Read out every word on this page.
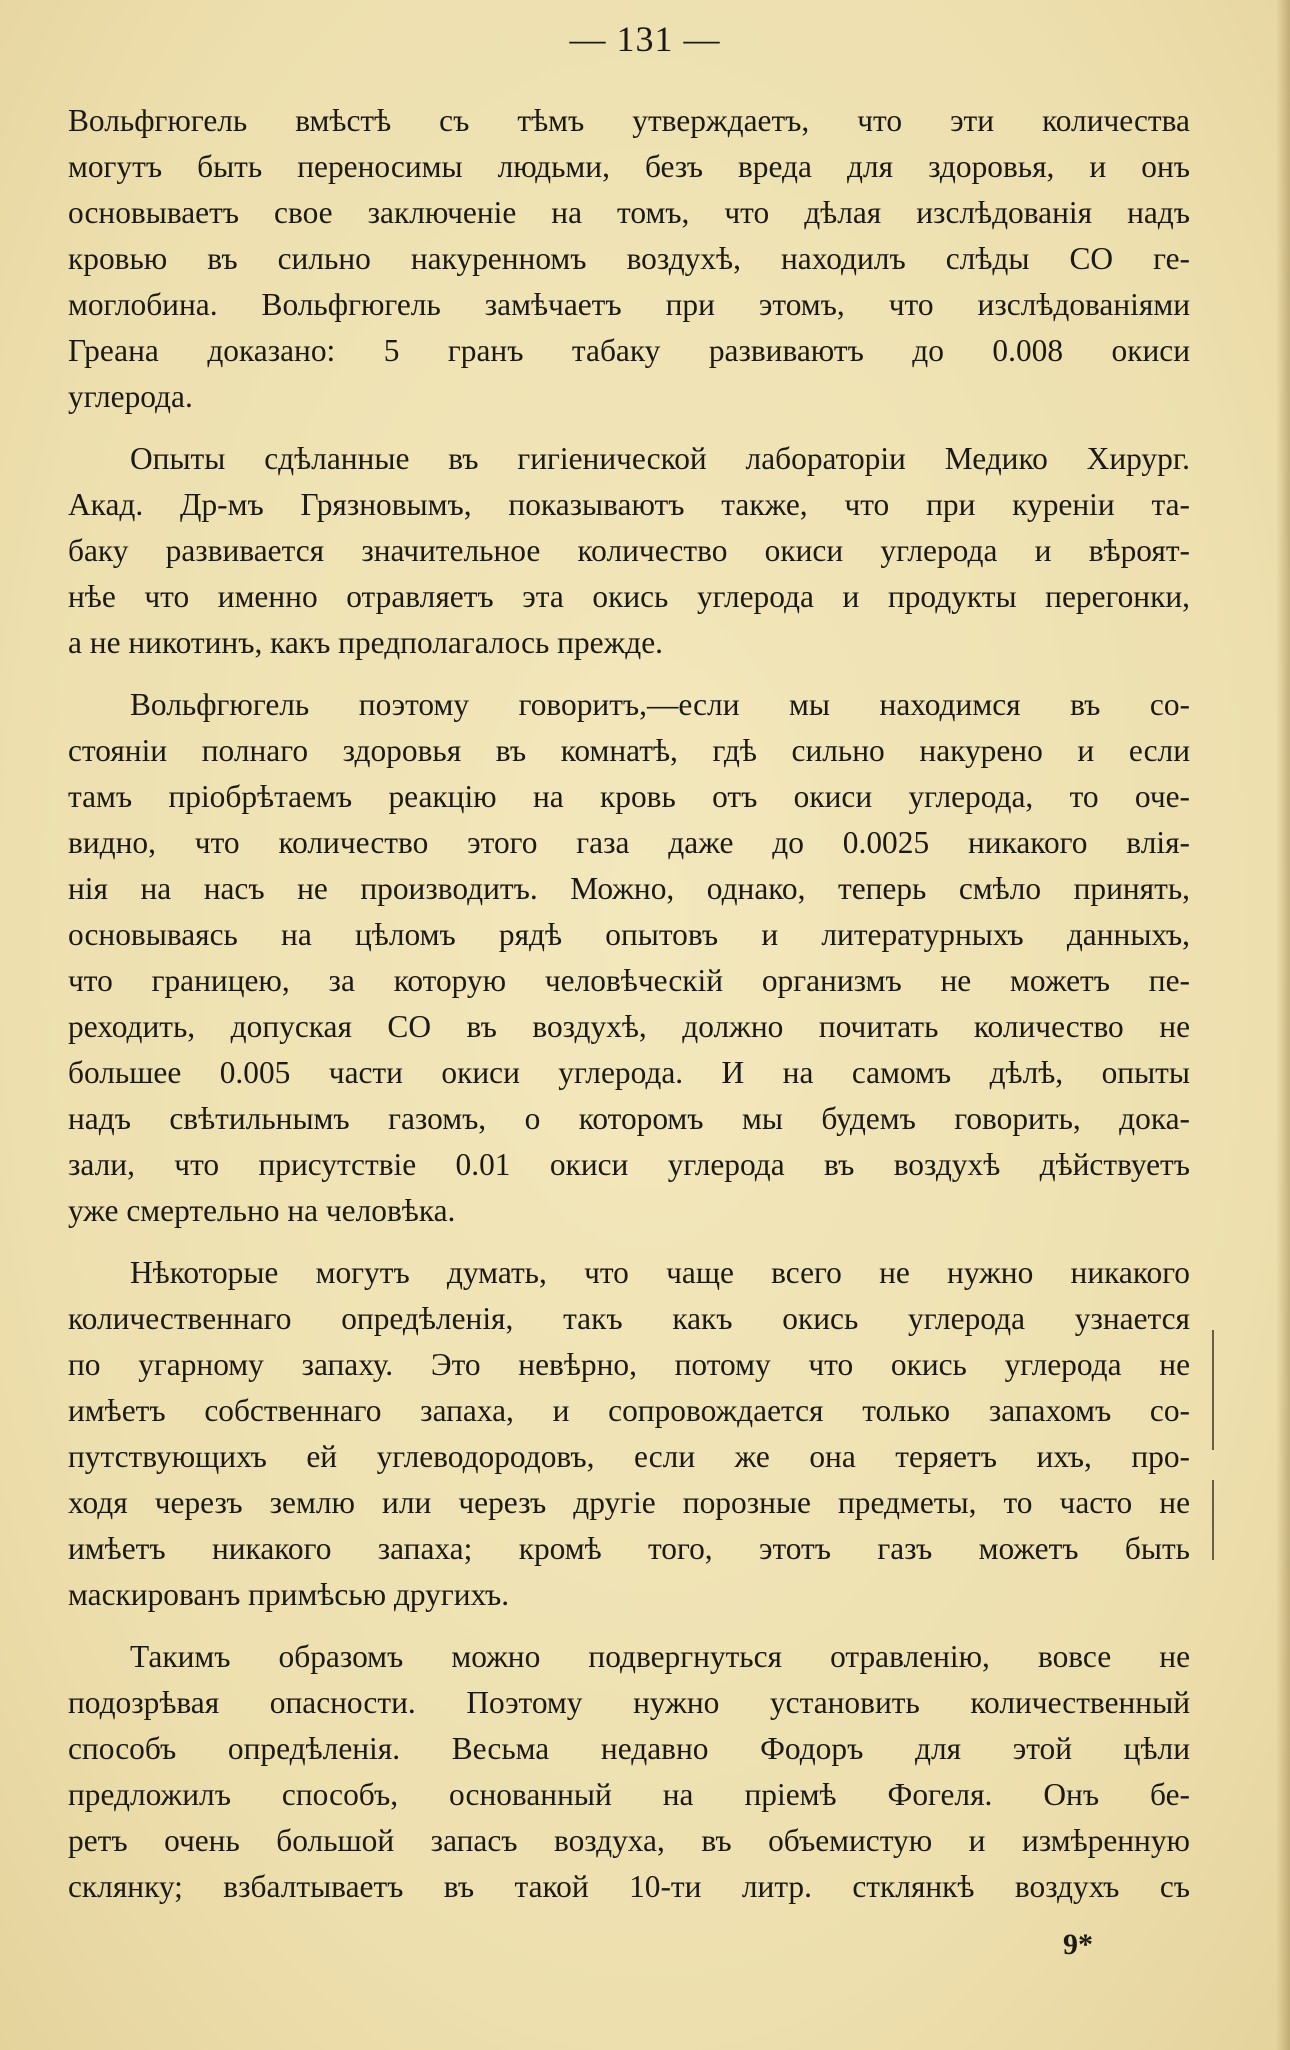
— 131 —

Вольфгюгель вмѣстѣ съ тѣмъ утверждаетъ, что эти количества
могутъ быть переносимы людьми, безъ вреда для здоровья, и онъ
основываетъ свое заключенie на томъ, что дѣлая изслѣдованiя надъ
кровью въ сильно накуренномъ воздухѣ, находилъ слѣды СО ге-
моглобина. Вольфгюгель замѣчаетъ при этомъ, что изслѣдованiями
Греана доказано: 5 гранъ табаку развиваютъ до 0.008 окиси
углерода.

Опыты сдѣланные въ гигiенической лабораторiи Медико Хирург.
Акад. Др-мъ Грязновымъ, показываютъ также, что при куренiи та-
баку развивается значительное количество окиси углерода и вѣроят-
нѣе что именно отравляетъ эта окись углерода и продукты перегонки,
а не никотинъ, какъ предполагалось прежде.

Вольфгюгель поэтому говоритъ,—если мы находимся въ со-
стоянiи полнаго здоровья въ комнатѣ, гдѣ сильно накурено и если
тамъ прiобрѣтаемъ реакцiю на кровь отъ окиси углерода, то оче-
видно, что количество этого газа даже до 0.0025 никакого влiя-
нiя на насъ не производитъ. Можно, однако, теперь смѣло принять,
основываясь на цѣломъ рядѣ опытовъ и литературныхъ данныхъ,
что границею, за которую человѣческiй организмъ не можетъ пе-
реходить, допуская СО въ воздухѣ, должно почитать количество не
большее 0.005 части окиси углерода. И на самомъ дѣлѣ, опыты
надъ свѣтильнымъ газомъ, о которомъ мы будемъ говорить, дока-
зали, что присутствiе 0.01 окиси углерода въ воздухѣ дѣйствуетъ
уже смертельно на человѣка.

Нѣкоторые могутъ думать, что чаще всего не нужно никакого
количественнаго опредѣленiя, такъ какъ окись углерода узнается
по угарному запаху. Это невѣрно, потому что окись углерода не
имѣетъ собственнаго запаха, и сопровождается только запахомъ со-
путствующихъ ей углеводородовъ, если же она теряетъ ихъ, про-
ходя черезъ землю или черезъ другiе порозные предметы, то часто не
имѣетъ никакого запаха; кромѣ того, этотъ газъ можетъ быть
маскированъ примѣсью другихъ.

Такимъ образомъ можно подвергнуться отравленiю, вовсе не
подозрѣвая опасности. Поэтому нужно установить количественный
способъ опредѣленiя. Весьма недавно Фодоръ для этой цѣли
предложилъ способъ, основанный на прiемѣ Фогеля. Онъ бе-
ретъ очень большой запасъ воздуха, въ объемистую и измѣренную
склянку; взбалтываетъ въ такой 10-ти литр. стклянкѣ воздухъ съ

9*
